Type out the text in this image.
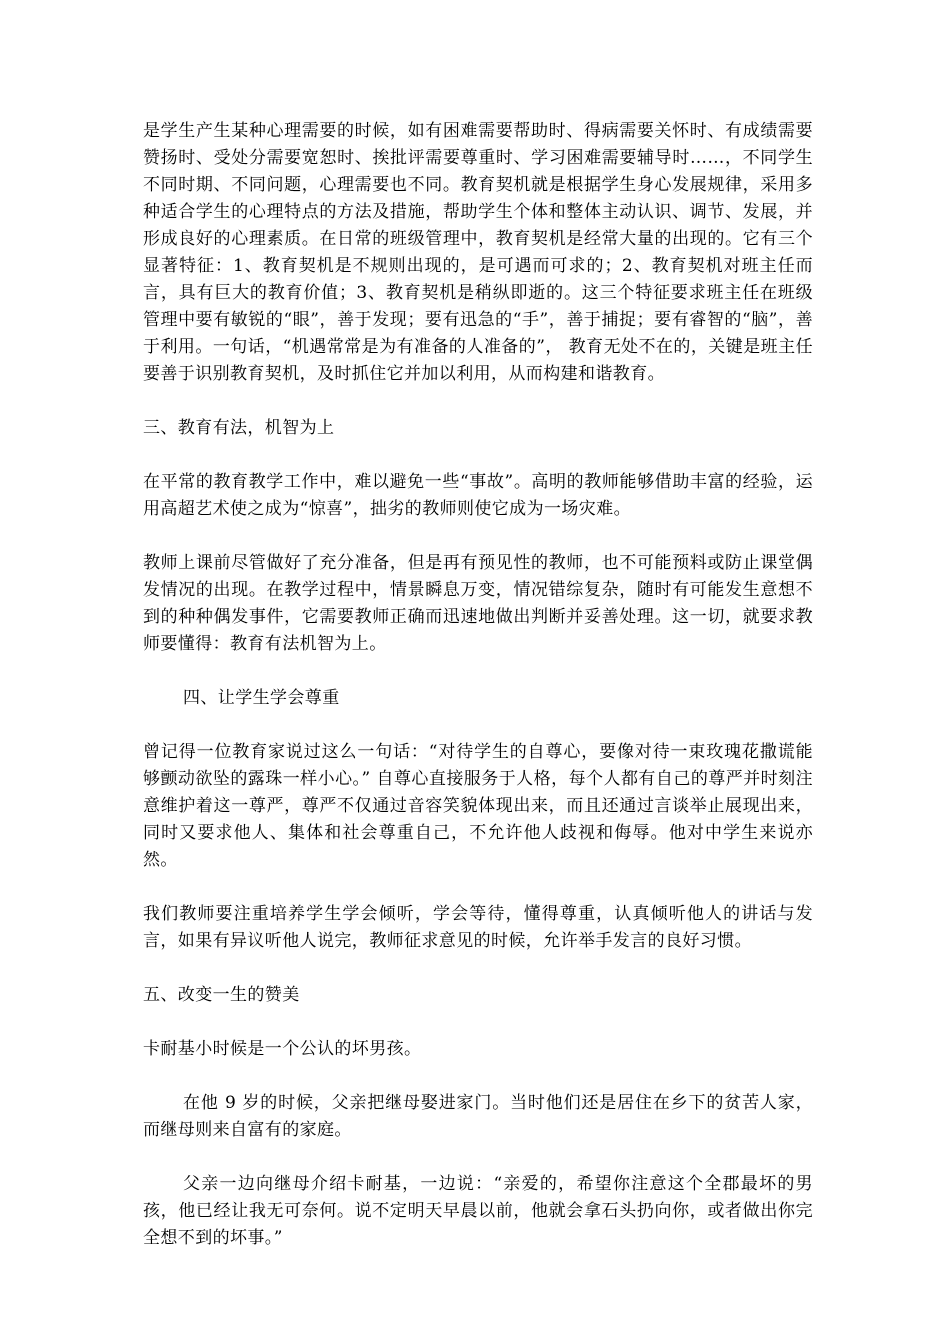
是学生产生某种心理需要的时候，如有困难需要帮助时、得病需要关怀时、有成绩需要赞扬时、受处分需要宽恕时、挨批评需要尊重时、学习困难需要辅导时……，不同学生不同时期、不同问题，心理需要也不同。教育契机就是根据学生身心发展规律，采用多种适合学生的心理特点的方法及措施，帮助学生个体和整体主动认识、调节、发展，并形成良好的心理素质。在日常的班级管理中，教育契机是经常大量的出现的。它有三个显著特征：1、教育契机是不规则出现的，是可遇而可求的；2、教育契机对班主任而言，具有巨大的教育价值；3、教育契机是稍纵即逝的。这三个特征要求班主任在班级管理中要有敏锐的“眼”，善于发现；要有迅急的“手”，善于捕捉；要有睿智的“脑”，善于利用。一句话，“机遇常常是为有准备的人准备的”， 教育无处不在的，关键是班主任要善于识别教育契机，及时抓住它并加以利用，从而构建和谐教育。

三、教育有法，机智为上

在平常的教育教学工作中，难以避免一些“事故”。高明的教师能够借助丰富的经验，运用高超艺术使之成为“惊喜”，拙劣的教师则使它成为一场灾难。

教师上课前尽管做好了充分准备，但是再有预见性的教师，也不可能预料或防止课堂偶发情况的出现。在教学过程中，情景瞬息万变，情况错综复杂，随时有可能发生意想不到的种种偶发事件，它需要教师正确而迅速地做出判断并妥善处理。这一切，就要求教师要懂得：教育有法机智为上。

四、让学生学会尊重

曾记得一位教育家说过这么一句话：“对待学生的自尊心，要像对待一束玫瑰花撒谎能够颤动欲坠的露珠一样小心。” 自尊心直接服务于人格，每个人都有自己的尊严并时刻注意维护着这一尊严，尊严不仅通过音容笑貌体现出来，而且还通过言谈举止展现出来，同时又要求他人、集体和社会尊重自己，不允许他人歧视和侮辱。他对中学生来说亦然。

我们教师要注重培养学生学会倾听，学会等待，懂得尊重，认真倾听他人的讲话与发言，如果有异议听他人说完，教师征求意见的时候，允许举手发言的良好习惯。

五、改变一生的赞美

卡耐基小时候是一个公认的坏男孩。

在他 9 岁的时候，父亲把继母娶进家门。当时他们还是居住在乡下的贫苦人家，而继母则来自富有的家庭。

父亲一边向继母介绍卡耐基，一边说：“亲爱的，希望你注意这个全郡最坏的男孩，他已经让我无可奈何。说不定明天早晨以前，他就会拿石头扔向你，或者做出你完全想不到的坏事。”
